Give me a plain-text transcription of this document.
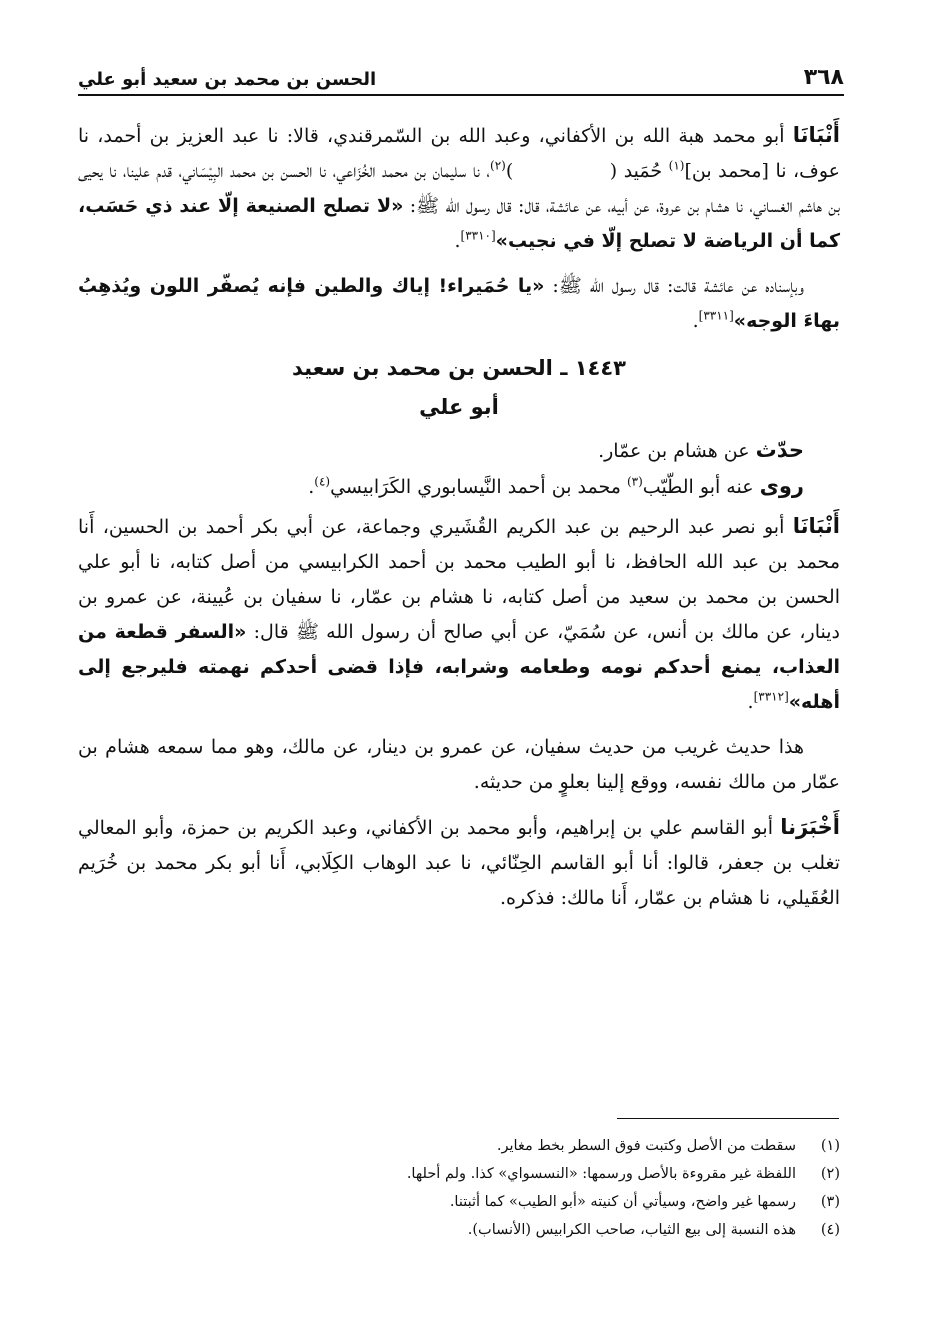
٣٦٨
الحسن بن محمد بن سعيد أبو علي

أَنْبَانَا أبو محمد هبة الله بن الأكفاني، وعبد الله بن السّمرقندي، قالا: نا عبد العزيز بن أحمد، نا عوف، نا [محمد بن]$^{(١)}$ حُمَيد ( )$^{(٢)}$، نا سليمان بن محمد الخُزَاعي، نا الحسن بن محمد البِيْسَاني، قدم علينا، نا يحيى بن هاشم الغساني، نا هشام بن عروة، عن أبيه، عن عائشة، قال: قال رسول الله ﷺ: «لا تصلح الصنيعة إلّا عند ذي حَسَب، كما أن الرياضة لا تصلح إلّا في نجيب»[٣٣١٠].

وبإسناده عن عائشة قالت: قال رسول الله ﷺ: «يا حُمَيراء! إياك والطين فإنه يُصفّر اللون ويُذهِبُ بهاءَ الوجه»[٣٣١١].

١٤٤٣ ـ الحسن بن محمد بن سعيد
أبو علي

حدّث عن هشام بن عمّار.

روى عنه أبو الطّيّب$^{(٣)}$ محمد بن أحمد النَّيسابوري الكَرَابيسي$^{(٤)}$.

أَنْبَانَا أبو نصر عبد الرحيم بن عبد الكريم القُشَيري وجماعة، عن أبي بكر أحمد بن الحسين، أَنا محمد بن عبد الله الحافظ، نا أبو الطيب محمد بن أحمد الكرابيسي من أصل كتابه، نا أبو علي الحسن بن محمد بن سعيد من أصل كتابه، نا هشام بن عمّار، نا سفيان بن عُيينة، عن عمرو بن دينار، عن مالك بن أنس، عن سُمَيّ، عن أبي صالح أن رسول الله ﷺ قال: «السفر قطعة من العذاب، يمنع أحدكم نومه وطعامه وشرابه، فإذا قضى أحدكم نهمته فليرجع إلى أهله»[٣٣١٢].

هذا حديث غريب من حديث سفيان، عن عمرو بن دينار، عن مالك، وهو مما سمعه هشام بن عمّار من مالك نفسه، ووقع إلينا بعلوٍ من حديثه.

أَخْبَرَنا أبو القاسم علي بن إبراهيم، وأبو محمد بن الأكفاني، وعبد الكريم بن حمزة، وأبو المعالي تغلب بن جعفر، قالوا: أنا أبو القاسم الحِنّائي، نا عبد الوهاب الكِلَابي، أَنا أبو بكر محمد بن خُرَيم العُقَيلي، نا هشام بن عمّار، أَنا مالك: فذكره.

(١)
سقطت من الأصل وكتبت فوق السطر بخط مغاير.
(٢)
اللفظة غير مقروءة بالأصل ورسمها: «النسسواي» كذا. ولم أحلها.
(٣)
رسمها غير واضح، وسيأتي أن كنيته «أبو الطيب» كما أثبتنا.
(٤)
هذه النسبة إلى بيع الثياب، صاحب الكرابيس (الأنساب).
